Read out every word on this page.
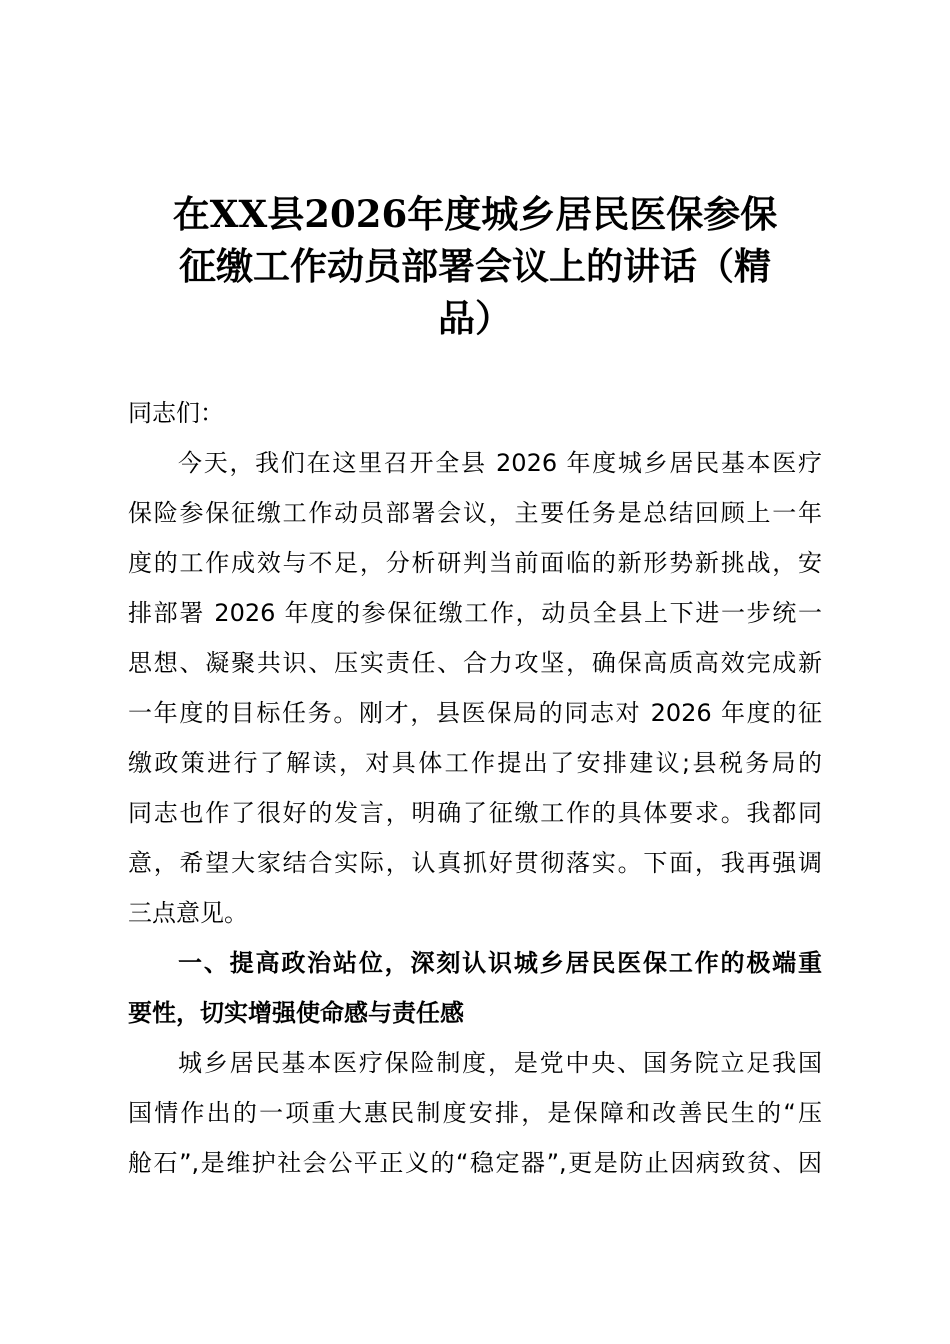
在XX县2026年度城乡居民医保参保
征缴工作动员部署会议上的讲话（精
品）
同志们：
今天，我们在这里召开全县 2026 年度城乡居民基本医疗
保险参保征缴工作动员部署会议，主要任务是总结回顾上一年
度的工作成效与不足，分析研判当前面临的新形势新挑战，安
排部署 2026 年度的参保征缴工作，动员全县上下进一步统一
思想、凝聚共识、压实责任、合力攻坚，确保高质高效完成新
一年度的目标任务。刚才，县医保局的同志对 2026 年度的征
缴政策进行了解读，对具体工作提出了安排建议;县税务局的
同志也作了很好的发言，明确了征缴工作的具体要求。我都同
意，希望大家结合实际，认真抓好贯彻落实。下面，我再强调
三点意见。
一、提高政治站位，深刻认识城乡居民医保工作的极端重
要性，切实增强使命感与责任感
城乡居民基本医疗保险制度，是党中央、国务院立足我国
国情作出的一项重大惠民制度安排，是保障和改善民生的“压
舱石”,是维护社会公平正义的“稳定器”,更是防止因病致贫、因
